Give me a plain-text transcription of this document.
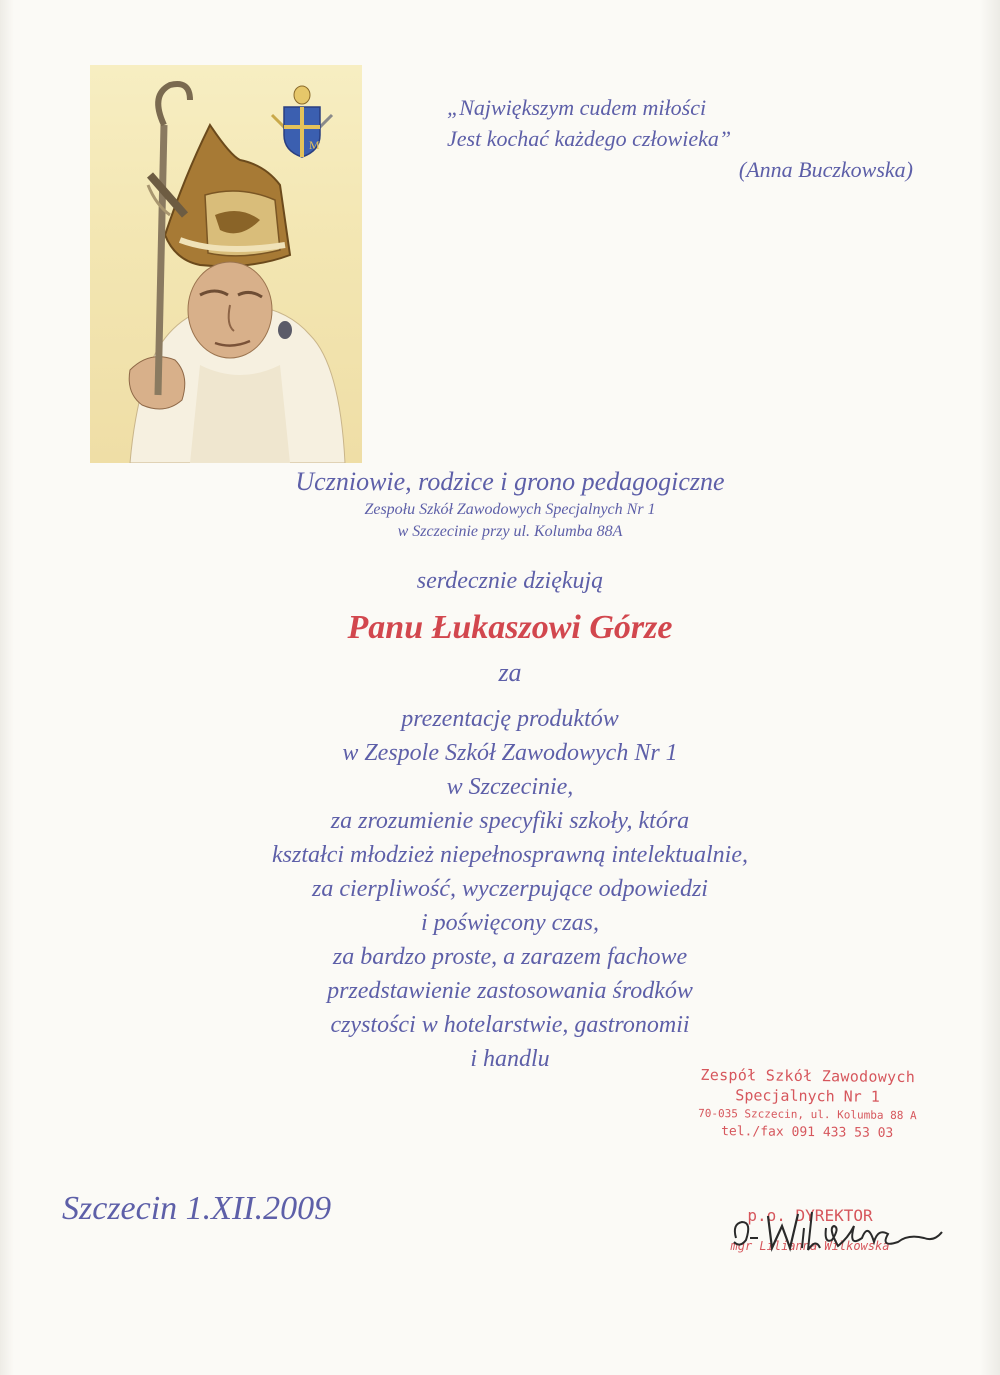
M
„Największym cudem miłości
Jest kochać każdego człowieka”
(Anna Buczkowska)
Uczniowie, rodzice i grono pedagogiczne
Zespołu Szkół Zawodowych Specjalnych Nr 1
w Szczecinie przy ul. Kolumba 88A
serdecznie dziękują
Panu Łukaszowi Górze
za
prezentację produktów
w Zespole Szkół Zawodowych Nr 1
w Szczecinie,
za zrozumienie specyfiki szkoły, która
kształci młodzież niepełnosprawną intelektualnie,
za cierpliwość, wyczerpujące odpowiedzi
i poświęcony czas,
za bardzo proste, a zarazem fachowe
przedstawienie zastosowania środków
czystości w hotelarstwie, gastronomii
i handlu
Zespół Szkół Zawodowych
Specjalnych Nr 1
70-035 Szczecin, ul. Kolumba 88 A
tel./fax 091 433 53 03
Szczecin 1.XII.2009	p.o. DYREKTOR
mgr Lilianna Wilkowska
